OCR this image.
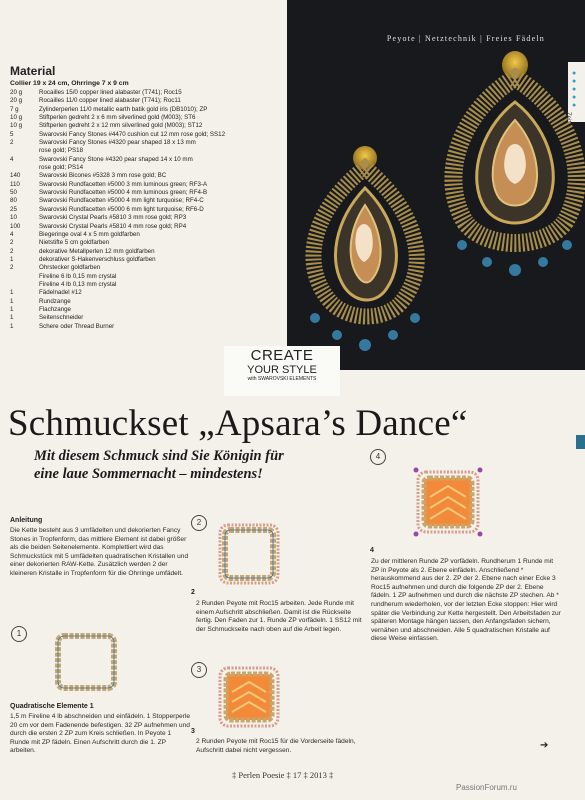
Material
Collier 19 x 24 cm, Ohrringe 7 x 9 cm
20 g	Rocailles 15/0 copper lined alabaster (T741); Roc15
20 g	Rocailles 11/0 copper lined alabaster (T741); Roc11
7 g	Zylinderperlen 11/0 metallic earth batik gold iris (DB1010); ZP
10 g	Stiftperlen gedreht 2 x 6 mm silverlined gold (M003); ST6
10 g	Stiftperlen gedreht 2 x 12 mm silverlined gold (M003); ST12
5	Swarovski Fancy Stones #4470 cushion cut 12 mm rose gold; SS12
2	Swarovski Fancy Stones #4320 pear shaped 18 x 13 mm
rose gold; PS18
4	Swarovski Fancy Stone #4320 pear shaped 14 x 10 mm
rose gold; PS14
140	Swarovski Bicones #5328 3 mm rose gold; BC
110	Swarovski Rundfacetten #5000 3 mm luminous green; RF3-A
50	Swarovski Rundfacetten #5000 4 mm luminous green; RF4-B
80	Swarovski Rundfacetten #5000 4 mm light turquoise; RF4-C
25	Swarovski Rundfacetten #5000 6 mm light turquoise; RF6-D
10	Swarovski Crystal Pearls #5810 3 mm rose gold; RP3
100	Swarovski Crystal Pearls #5810 4 mm rose gold; RP4
4	Biegeringe oval 4 x 5 mm goldfarben
2	Nietstifte 5 cm goldfarben
2	dekorative Metallperlen 12 mm goldfarben
1	dekorativer S-Hakenverschluss goldfarben
2	Ohrstecker goldfarben
Fireline 6 lb 0,15 mm crystal
Fireline 4 lb 0,13 mm crystal
1	Fädelnadel #12
1	Rundzange
1	Flachzange
1	Seitenschneider
1	Schere oder Thread Burner
Peyote | Netztechnik | Freies Fädeln
● ● ● ● ●
Zeit
CREATE
YOUR STYLE
with SWAROVSKI ELEMENTS
Schmuckset „Apsara’s Dance“
Mit diesem Schmuck sind Sie Königin für
eine laue Sommernacht – mindestens!
Anleitung
Die Kette besteht aus 3 umfädelten und dekorierten Fancy Stones in Tropfenform, das mittlere Element ist dabei größer als die beiden Seitenelemente. Komplettiert wird das Schmuckstück mit 5 umfädelten quadratischen Kristallen und einer dekorierten RAW-Kette. Zusätzlich werden 2 der kleineren Kristalle in Tropfenform für die Ohrringe umfädelt.
1
Quadratische Elemente 1
1,5 m Fireline 4 lb abschneiden und einfädeln. 1 Stopperperle 20 cm vor dem Fadenende befestigen. 32 ZP aufnehmen und durch die ersten 2 ZP zum Kreis schließen. In Peyote 1 Runde mit ZP fädeln. Einen Aufschritt durch die 1. ZP arbeiten.
2
2
2 Runden Peyote mit Roc15 arbeiten. Jede Runde mit einem Aufschritt abschließen. Damit ist die Rückseite fertig. Den Faden zur 1. Runde ZP vorfädeln. 1 SS12 mit der Schmuckseite nach oben auf die Arbeit legen.
3
3
2 Runden Peyote mit Roc15 für die Vorderseite fädeln, Aufschritt dabei nicht vergessen.
4
4
Zu der mittleren Runde ZP vorfädeln. Rundherum 1 Runde mit ZP in Peyote als 2. Ebene einfädeln. Anschließend * herauskommend aus der 2. ZP der 2. Ebene nach einer Ecke 3 Roc15 aufnehmen und durch die folgende ZP der 2. Ebene fädeln. 1 ZP aufnehmen und durch die nächste ZP stechen. Ab * rundherum wiederholen, vor der letzten Ecke stoppen: Hier wird später die Verbindung zur Kette hergestellt. Den Arbeitsfaden zur späteren Montage hängen lassen, den Anfangsfaden sichern, vernähen und abschneiden. Alle 5 quadratischen Kristalle auf diese Weise einfassen.
➔
‡ Perlen Poesie ‡ 17 ‡ 2013 ‡
PassionForum.ru
